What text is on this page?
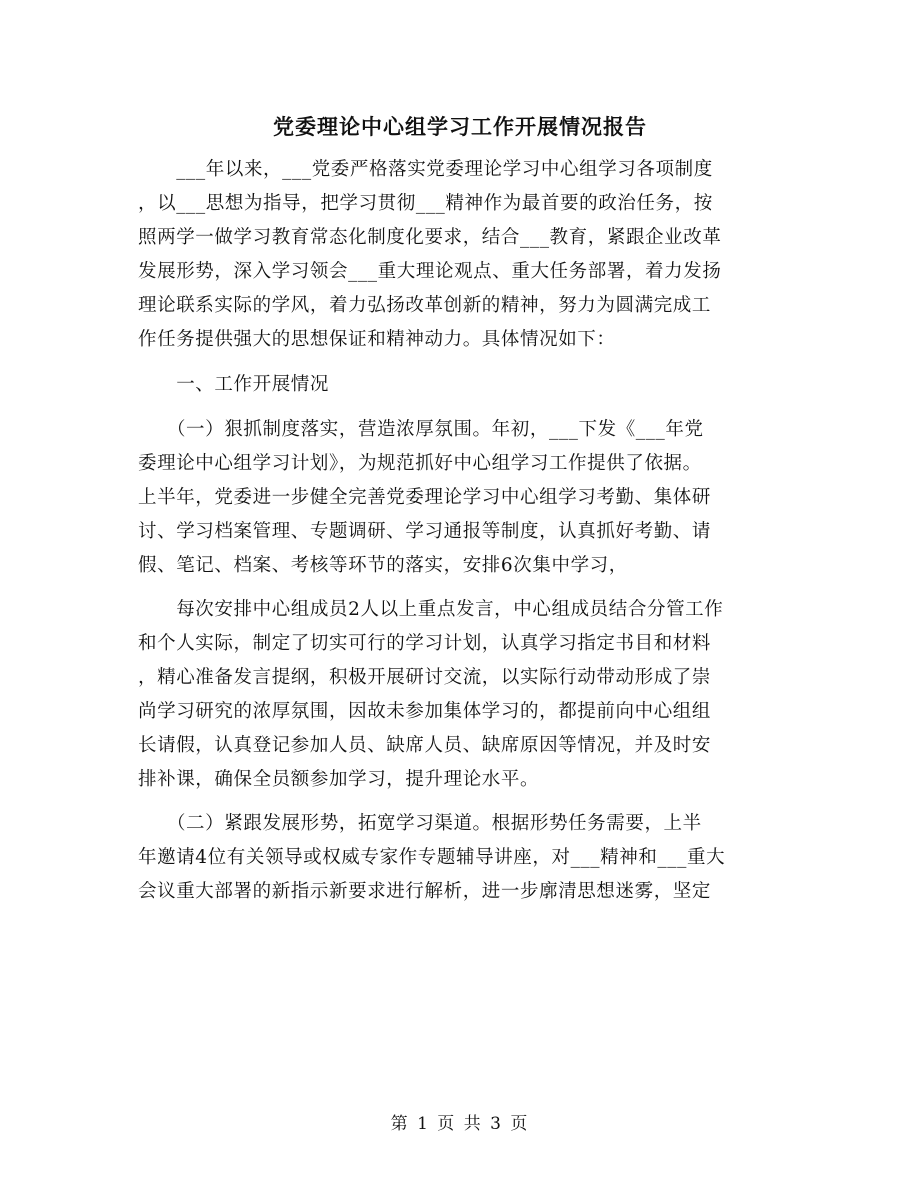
党委理论中心组学习工作开展情况报告
　　___年以来，___党委严格落实党委理论学习中心组学习各项制度
，以___思想为指导，把学习贯彻___精神作为最首要的政治任务，按
照两学一做学习教育常态化制度化要求，结合___教育，紧跟企业改革
发展形势，深入学习领会___重大理论观点、重大任务部署，着力发扬
理论联系实际的学风，着力弘扬改革创新的精神，努力为圆满完成工
作任务提供强大的思想保证和精神动力。具体情况如下：
　　一、工作开展情况
　　（一）狠抓制度落实，营造浓厚氛围。年初，___下发《___年党
委理论中心组学习计划》，为规范抓好中心组学习工作提供了依据。
上半年，党委进一步健全完善党委理论学习中心组学习考勤、集体研
讨、学习档案管理、专题调研、学习通报等制度，认真抓好考勤、请
假、笔记、档案、考核等环节的落实，安排6次集中学习，
　　每次安排中心组成员2人以上重点发言，中心组成员结合分管工作
和个人实际，制定了切实可行的学习计划，认真学习指定书目和材料
，精心准备发言提纲，积极开展研讨交流，以实际行动带动形成了崇
尚学习研究的浓厚氛围，因故未参加集体学习的，都提前向中心组组
长请假，认真登记参加人员、缺席人员、缺席原因等情况，并及时安
排补课，确保全员额参加学习，提升理论水平。
　　（二）紧跟发展形势，拓宽学习渠道。根据形势任务需要，上半
年邀请4位有关领导或权威专家作专题辅导讲座，对___精神和___重大
会议重大部署的新指示新要求进行解析，进一步廓清思想迷雾，坚定
第 1 页 共 3 页
